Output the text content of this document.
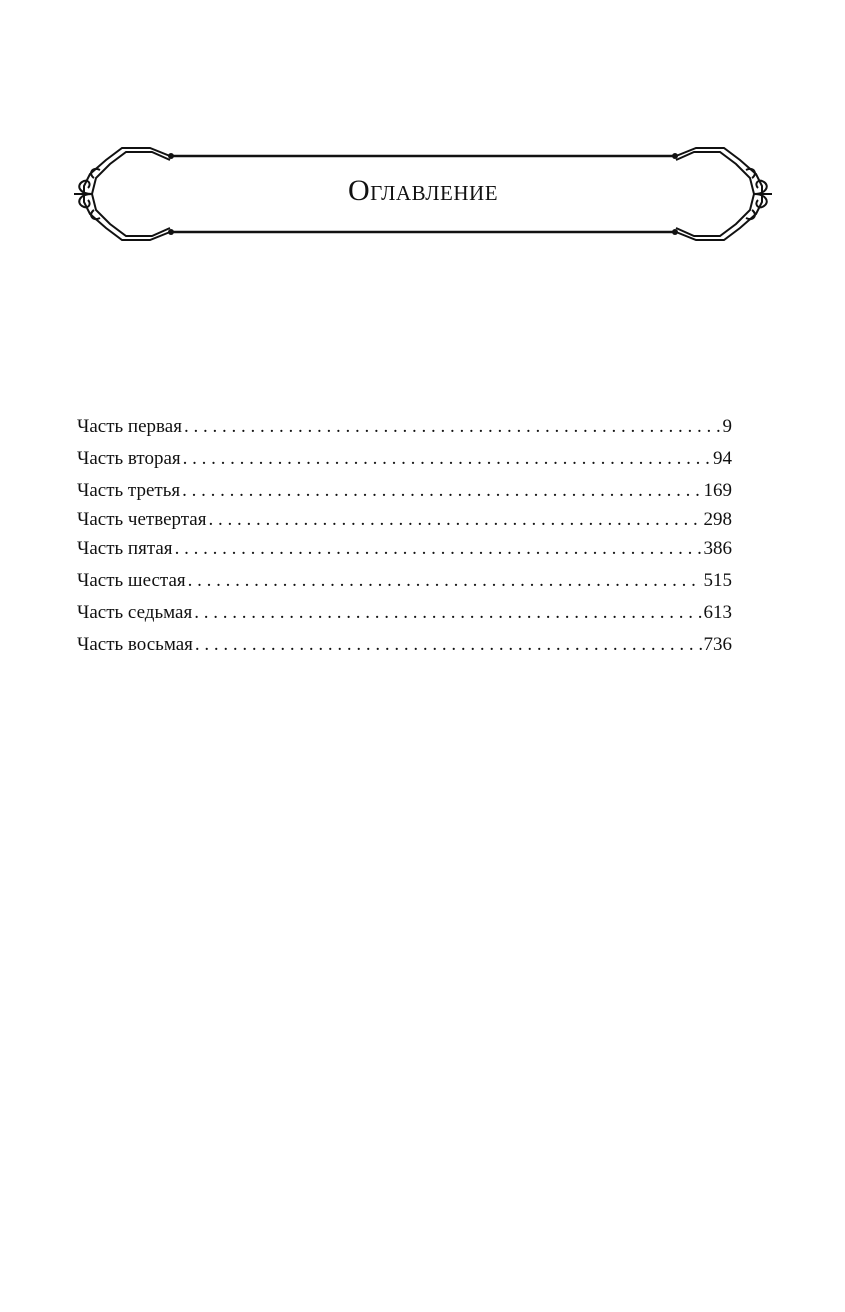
Оглавление
Часть первая . . .	9
Часть вторая . . .	94
Часть третья . . .	169
Часть четвертая . . .	298
Часть пятая . . .	386
Часть шестая . . .	515
Часть седьмая . . .	613
Часть восьмая . . .	736
